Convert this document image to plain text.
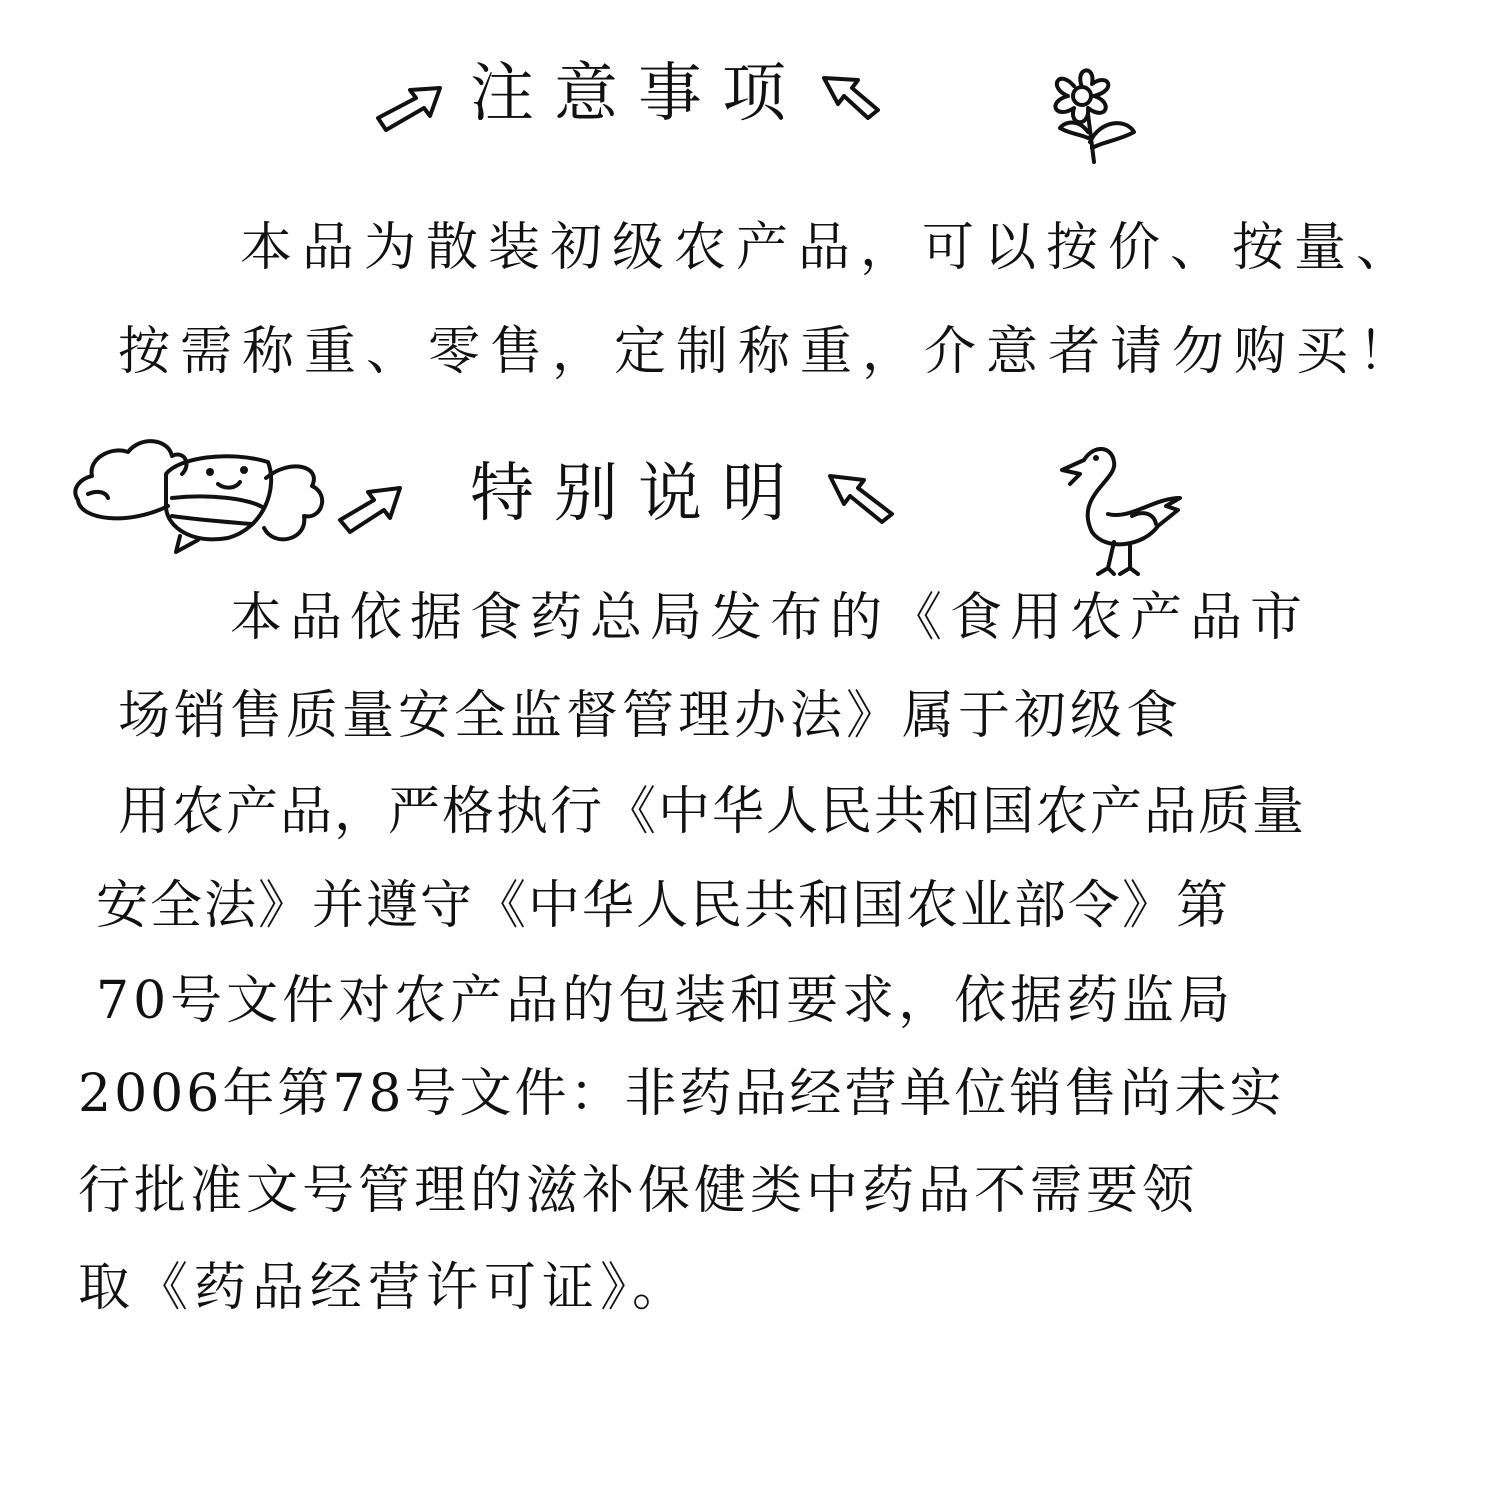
注意事项
本品为散装初级农产品，可以按价、按量、
按需称重、零售，定制称重，介意者请勿购买！
特别说明
本品依据食药总局发布的《食用农产品市
场销售质量安全监督管理办法》属于初级食
用农产品，严格执行《中华人民共和国农产品质量
安全法》并遵守《中华人民共和国农业部令》第
70号文件对农产品的包装和要求，依据药监局
2006年第78号文件：非药品经营单位销售尚未实
行批准文号管理的滋补保健类中药品不需要领
取《药品经营许可证》。
